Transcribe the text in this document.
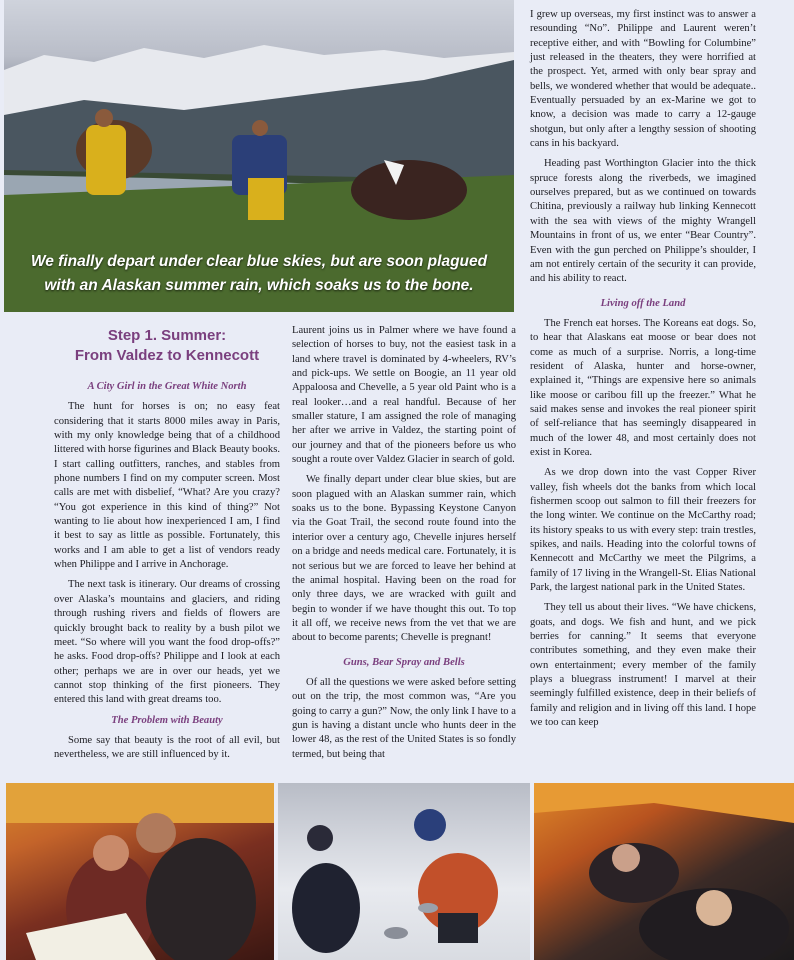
We finally depart under clear blue skies, but are soon plagued
with an Alaskan summer rain, which soaks us to the bone.
Step 1. Summer:
From Valdez to Kennecott

A City Girl in the Great White North

The hunt for horses is on; no easy feat considering that it starts 8000 miles away in Paris, with my only knowledge being that of a childhood littered with horse figurines and Black Beauty books. I start calling outfitters, ranches, and stables from phone numbers I find on my computer screen. Most calls are met with disbelief, “What? Are you crazy? “You got experience in this kind of thing?” Not wanting to lie about how inexperienced I am, I find it best to say as little as possible. Fortunately, this works and I am able to get a list of vendors ready when Philippe and I arrive in Anchorage.

The next task is itinerary. Our dreams of crossing over Alaska’s mountains and glaciers, and riding through rushing rivers and fields of flowers are quickly brought back to reality by a bush pilot we meet. “So where will you want the food drop-offs?” he asks. Food drop-offs? Philippe and I look at each other; perhaps we are in over our heads, yet we cannot stop thinking of the first pioneers. They entered this land with great dreams too.

The Problem with Beauty

Some say that beauty is the root of all evil, but nevertheless, we are still influenced by it.

Laurent joins us in Palmer where we have found a selection of horses to buy, not the easiest task in a land where travel is dominated by 4-wheelers, RV’s and pick-ups. We settle on Boogie, an 11 year old Appaloosa and Chevelle, a 5 year old Paint who is a real looker…and a real handful. Because of her smaller stature, I am assigned the role of managing her after we arrive in Valdez, the starting point of our journey and that of the pioneers before us who sought a route over Valdez Glacier in search of gold.

We finally depart under clear blue skies, but are soon plagued with an Alaskan summer rain, which soaks us to the bone. Bypassing Keystone Canyon via the Goat Trail, the second route found into the interior over a century ago, Chevelle injures herself on a bridge and needs medical care. Fortunately, it is not serious but we are forced to leave her behind at the animal hospital. Having been on the road for only three days, we are wracked with guilt and begin to wonder if we have thought this out. To top it all off, we receive news from the vet that we are about to become parents; Chevelle is pregnant!

Guns, Bear Spray and Bells

Of all the questions we were asked before setting out on the trip, the most common was, “Are you going to carry a gun?” Now, the only link I have to a gun is having a distant uncle who hunts deer in the lower 48, as the rest of the United States is so fondly termed, but being that

I grew up overseas, my first instinct was to answer a resounding “No”. Philippe and Laurent weren’t receptive either, and with “Bowling for Columbine” just released in the theaters, they were horrified at the prospect. Yet, armed with only bear spray and bells, we wondered whether that would be adequate.. Eventually persuaded by an ex-Marine we got to know, a decision was made to carry a 12-gauge shotgun, but only after a lengthy session of shooting cans in his backyard.

Heading past Worthington Glacier into the thick spruce forests along the riverbeds, we imagined ourselves prepared, but as we continued on towards Chitina, previously a railway hub linking Kennecott with the sea with views of the mighty Wrangell Mountains in front of us, we enter “Bear Country”. Even with the gun perched on Philippe’s shoulder, I am not entirely certain of the security it can provide, and his ability to react.

Living off the Land

The French eat horses. The Koreans eat dogs. So, to hear that Alaskans eat moose or bear does not come as much of a surprise. Norris, a long-time resident of Alaska, hunter and horse-owner, explained it, “Things are expensive here so animals like moose or caribou fill up the freezer.” What he said makes sense and invokes the real pioneer spirit of self-reliance that has seemingly disappeared in much of the lower 48, and most certainly does not exist in Korea.

As we drop down into the vast Copper River valley, fish wheels dot the banks from which local fishermen scoop out salmon to fill their freezers for the long winter. We continue on the McCarthy road; its history speaks to us with every step: train trestles, spikes, and nails. Heading into the colorful towns of Kennecott and McCarthy we meet the Pilgrims, a family of 17 living in the Wrangell-St. Elias National Park, the largest national park in the United States.

They tell us about their lives. “We have chickens, goats, and dogs. We fish and hunt, and we pick berries for canning.” It seems that everyone contributes something, and they even make their own entertainment; every member of the family plays a bluegrass instrument! I marvel at their seemingly fulfilled existence, deep in their beliefs of family and religion and in living off this land. I hope we too can keep
